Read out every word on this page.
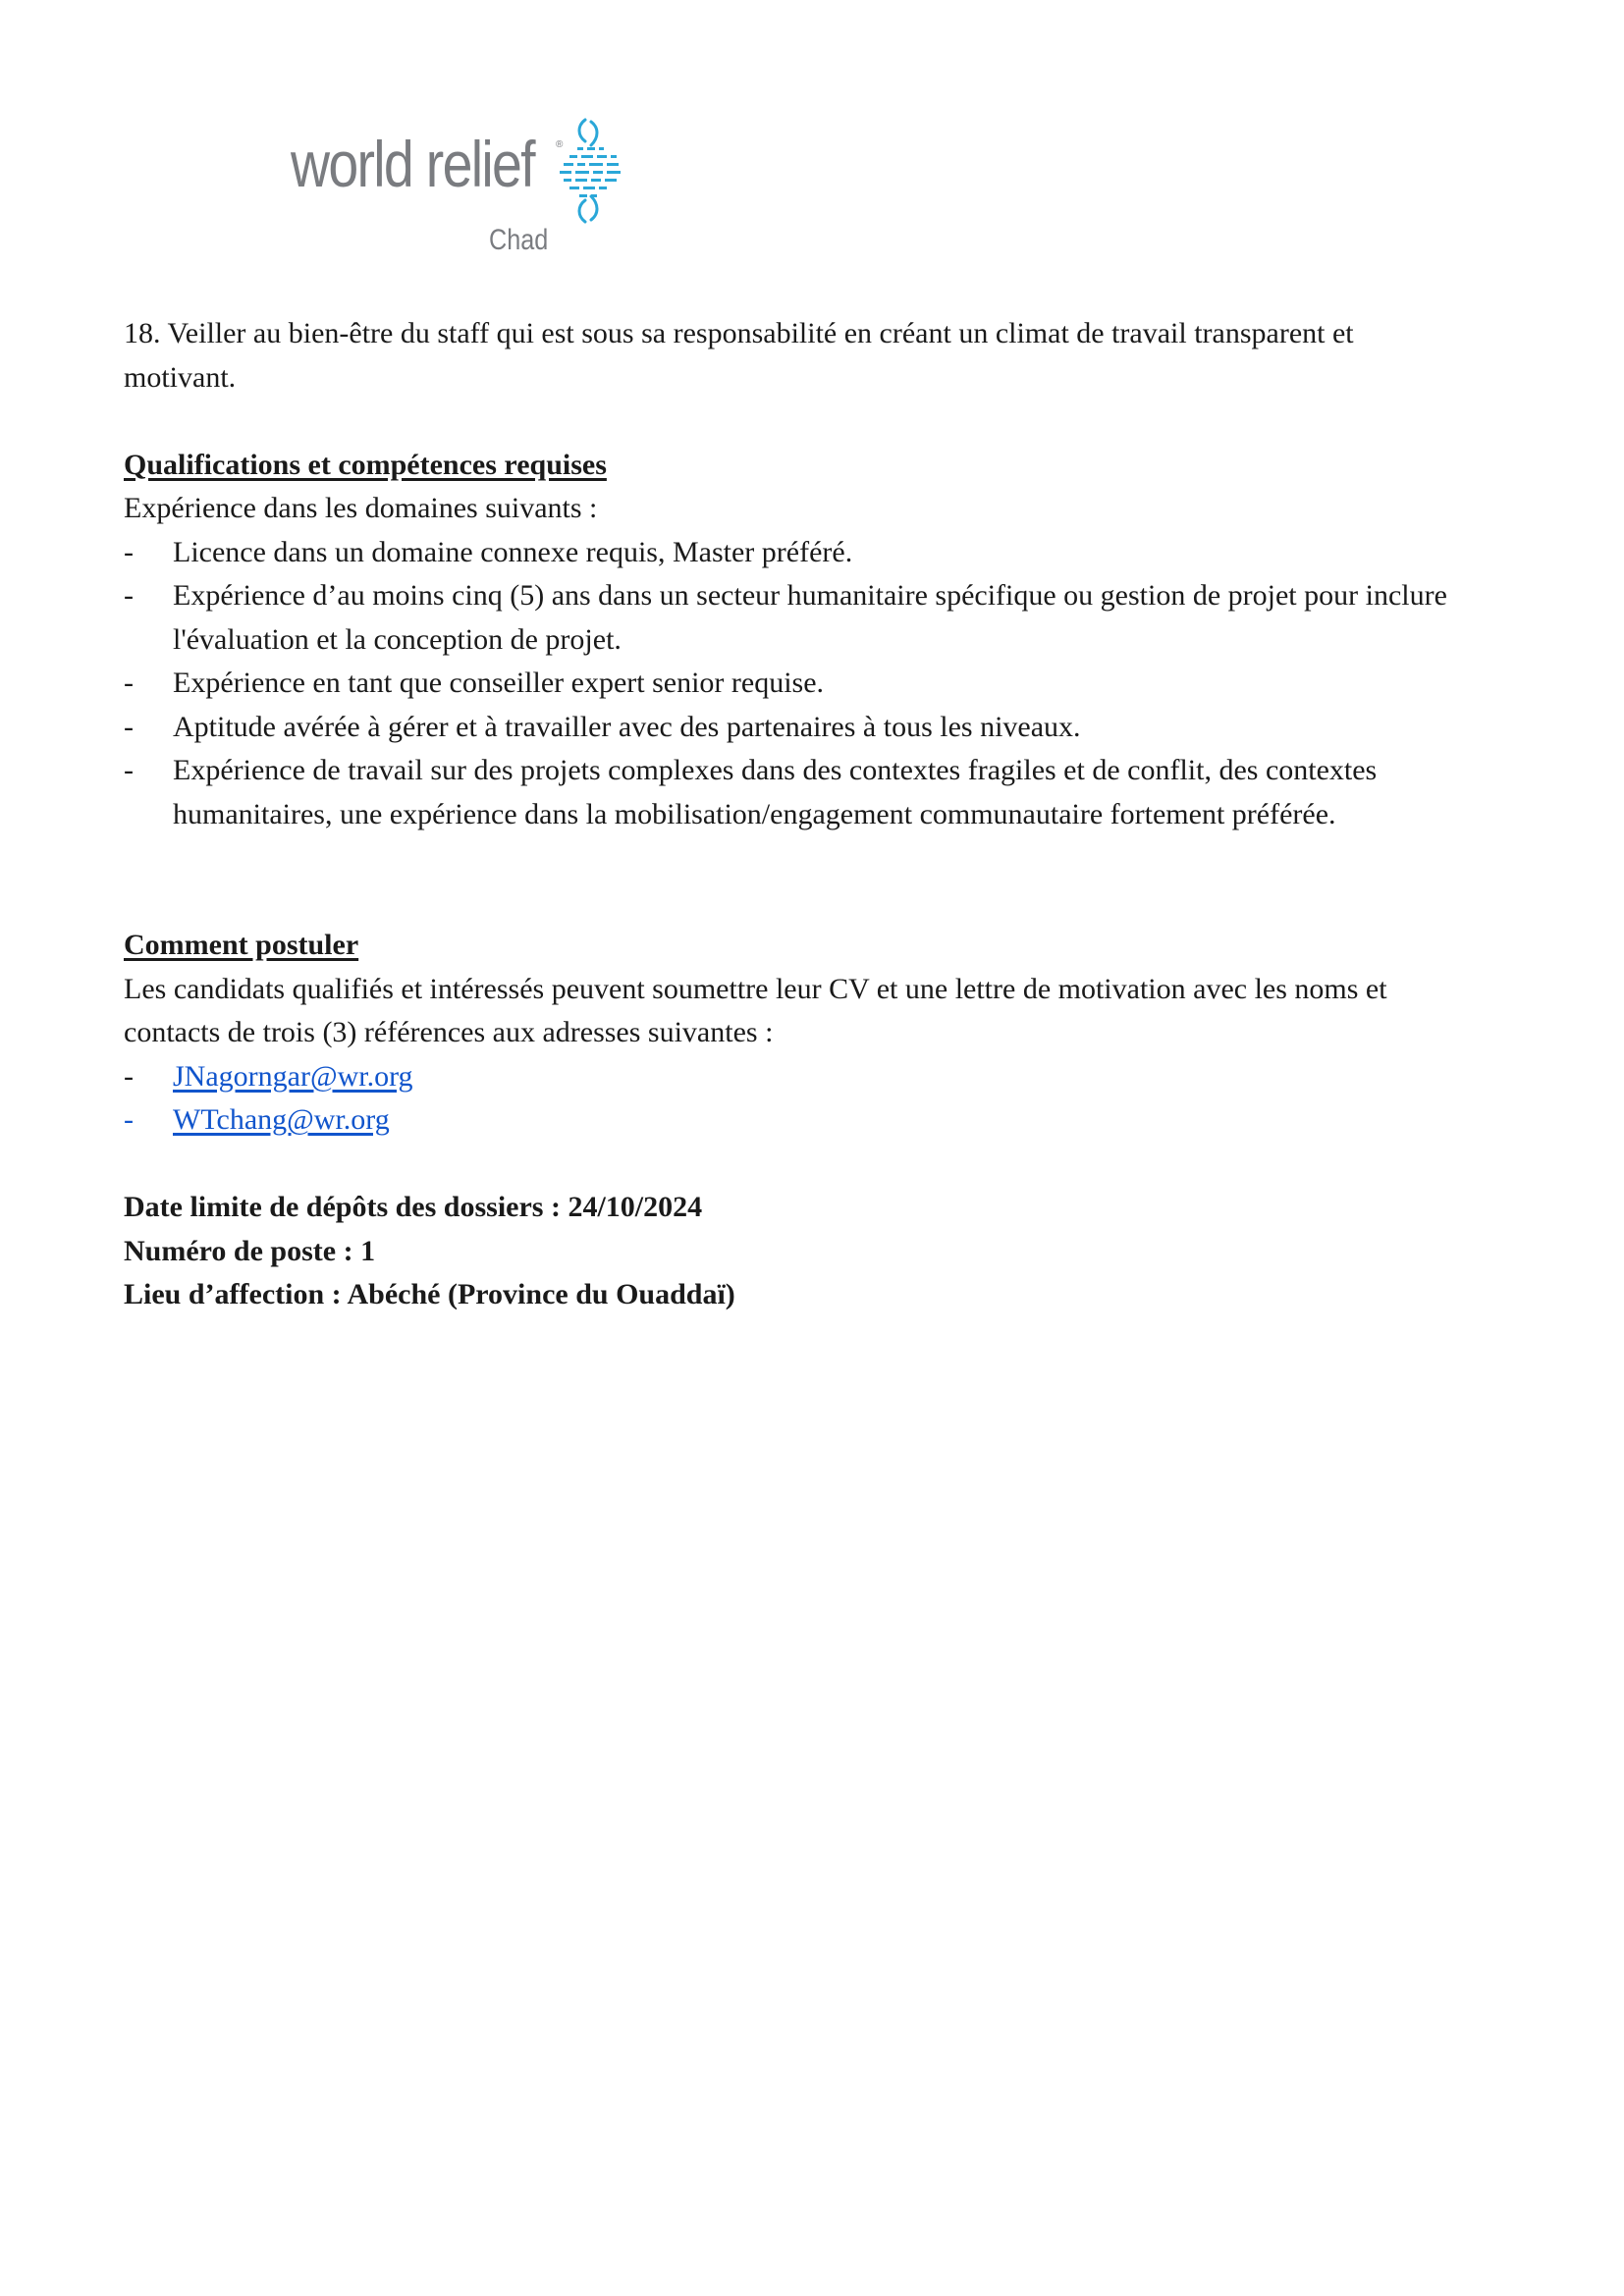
world relief ®
Chad

18. Veiller au bien-être du staff qui est sous sa responsabilité en créant un climat de travail transparent et motivant.

Qualifications et compétences requises

Expérience dans les domaines suivants :

- Licence dans un domaine connexe requis, Master préféré.
- Expérience d’au moins cinq (5) ans dans un secteur humanitaire spécifique ou gestion de projet pour inclure l'évaluation et la conception de projet.
- Expérience en tant que conseiller expert senior requise.
- Aptitude avérée à gérer et à travailler avec des partenaires à tous les niveaux.
- Expérience de travail sur des projets complexes dans des contextes fragiles et de conflit, des contextes humanitaires, une expérience dans la mobilisation/engagement communautaire fortement préférée.

Comment postuler

Les candidats qualifiés et intéressés peuvent soumettre leur CV et une lettre de motivation avec les noms et contacts de trois (3) références aux adresses suivantes :

- JNagorngar@wr.org
- WTchang@wr.org

Date limite de dépôts des dossiers : 24/10/2024

Numéro de poste : 1

Lieu d’affection : Abéché (Province du Ouaddaï)
